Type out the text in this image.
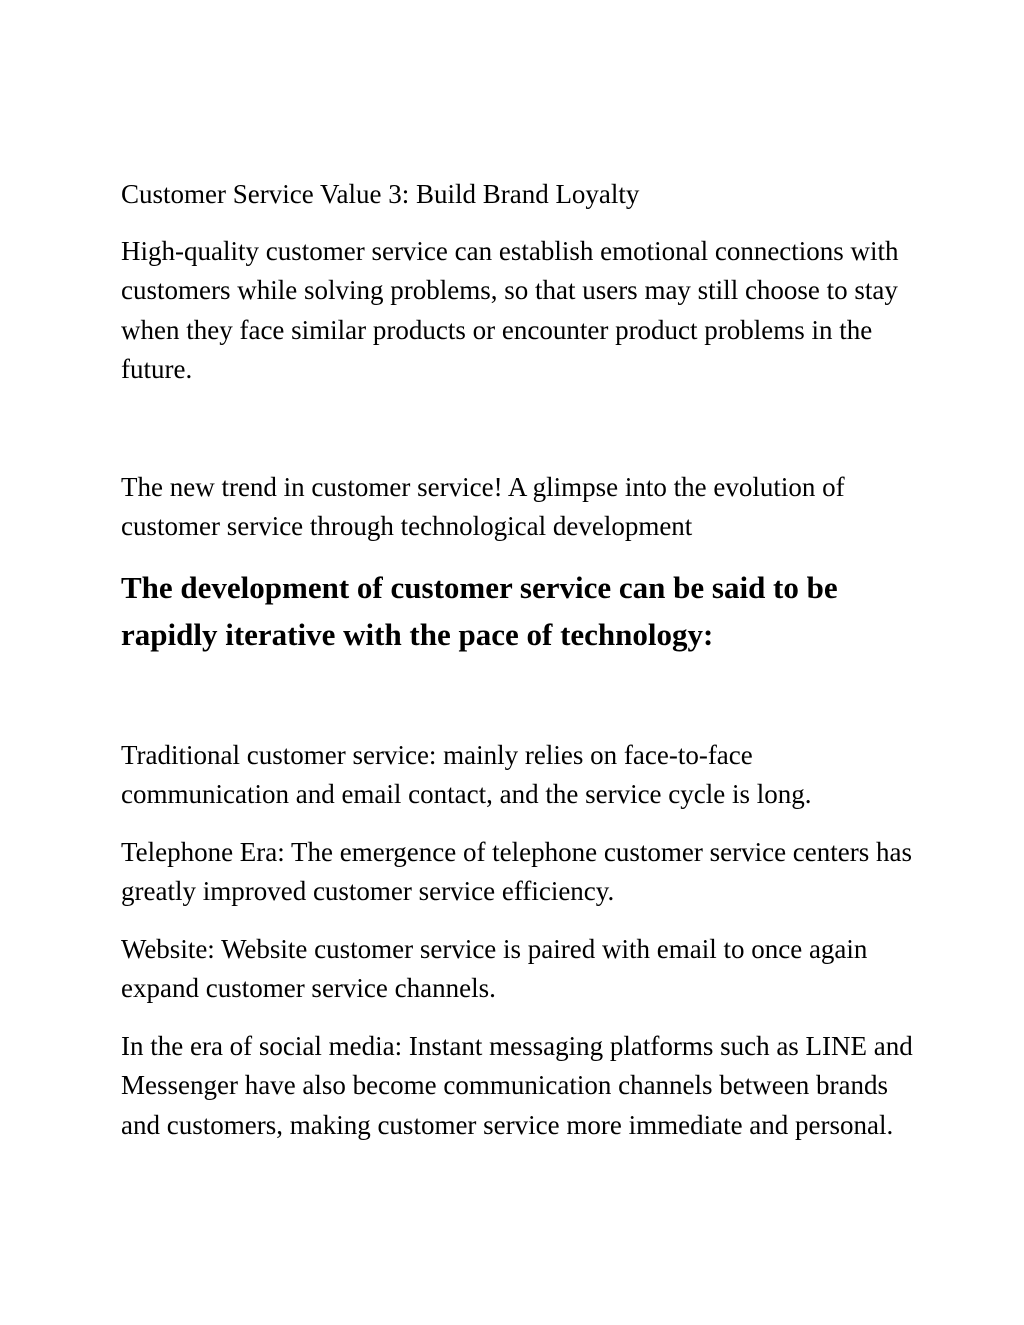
Customer Service Value 3: Build Brand Loyalty

High-quality customer service can establish emotional connections with customers while solving problems, so that users may still choose to stay when they face similar products or encounter product problems in the future.

The new trend in customer service! A glimpse into the evolution of customer service through technological development

The development of customer service can be said to be rapidly iterative with the pace of technology:

Traditional customer service: mainly relies on face-to-face communication and email contact, and the service cycle is long.

Telephone Era: The emergence of telephone customer service centers has greatly improved customer service efficiency.

Website: Website customer service is paired with email to once again expand customer service channels.

In the era of social media: Instant messaging platforms such as LINE and Messenger have also become communication channels between brands and customers, making customer service more immediate and personal.
